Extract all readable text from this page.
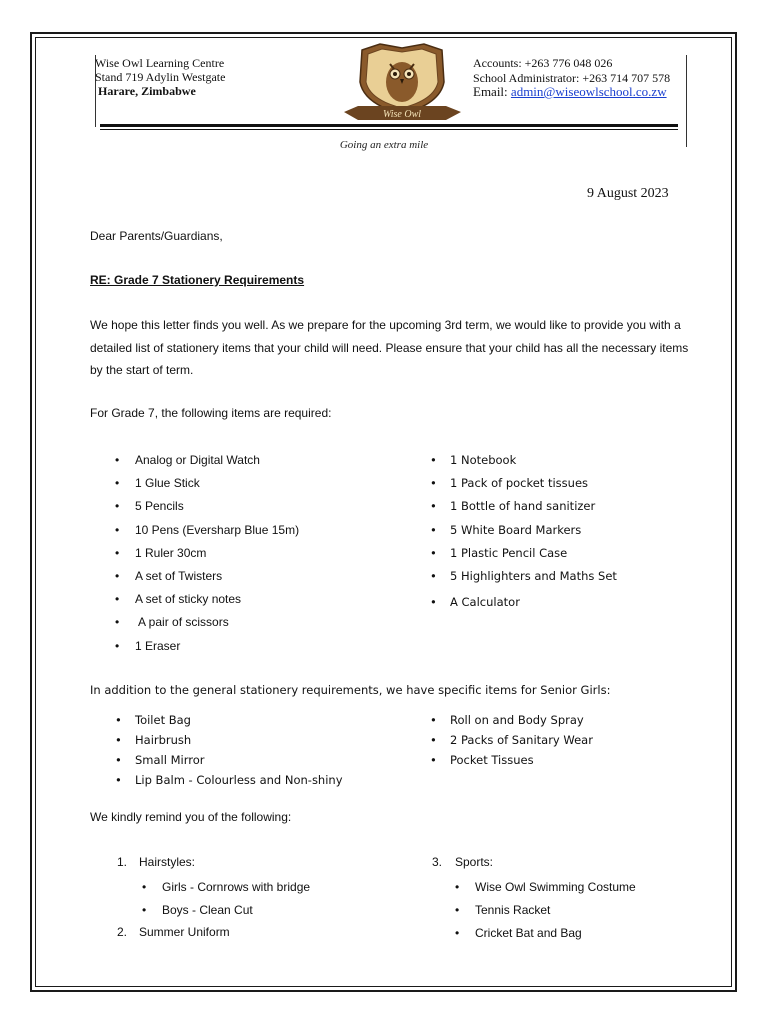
Wise Owl Learning Centre
Stand 719 Adylin Westgate
Harare, Zimbabwe
Wise Owl
Accounts: +263 776 048 026
School Administrator: +263 714 707 578
Email: admin@wiseowlschool.co.zw
Going an extra mile
9 August 2023
Dear Parents/Guardians,
RE: Grade 7 Stationery Requirements
We hope this letter finds you well. As we prepare for the upcoming 3rd term, we would like to provide you with a detailed list of stationery items that your child will need. Please ensure that your child has all the necessary items by the start of term.
For Grade 7, the following items are required:
• Analog or Digital Watch
• 1 Glue Stick
• 5 Pencils
• 10 Pens (Eversharp Blue 15m)
• 1 Ruler 30cm
• A set of Twisters
• A set of sticky notes
• A pair of scissors
• 1 Eraser
• 1 Notebook
• 1 Pack of pocket tissues
• 1 Bottle of hand sanitizer
• 5 White Board Markers
• 1 Plastic Pencil Case
• 5 Highlighters and Maths Set
• A Calculator
In addition to the general stationery requirements, we have specific items for Senior Girls:
• Toilet Bag
• Hairbrush
• Small Mirror
• Lip Balm - Colourless and Non-shiny
• Roll on and Body Spray
• 2 Packs of Sanitary Wear
• Pocket Tissues
We kindly remind you of the following:
1. Hairstyles:
• Girls - Cornrows with bridge
• Boys - Clean Cut
2. Summer Uniform
3. Sports:
• Wise Owl Swimming Costume
• Tennis Racket
• Cricket Bat and Bag
